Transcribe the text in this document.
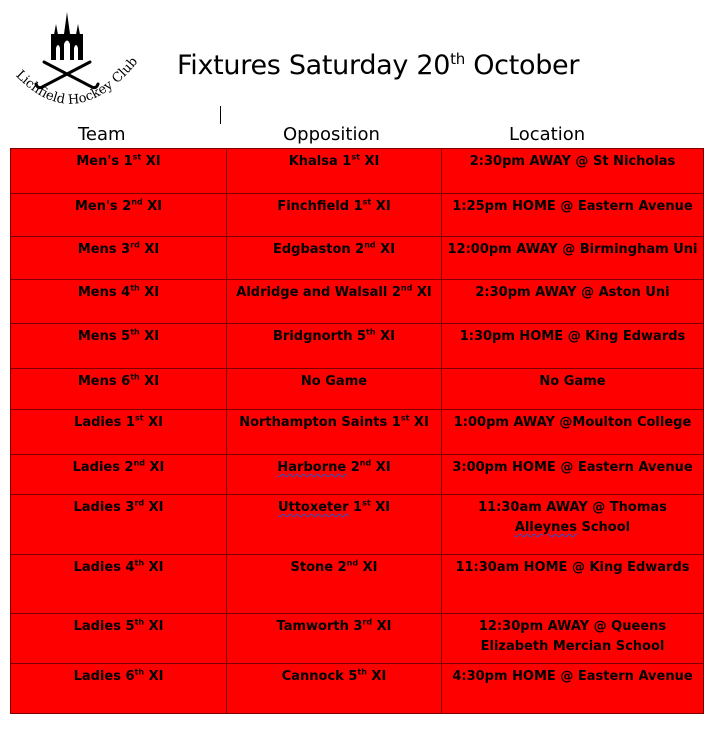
Lichfield Hockey Club Fixtures Saturday 20th October
Team	Opposition	Location
Men's 1st XI	Khalsa 1st XI	2:30pm AWAY @ St Nicholas
Men's 2nd XI	Finchfield 1st XI	1:25pm HOME @ Eastern Avenue
Mens 3rd XI	Edgbaston 2nd XI	12:00pm AWAY @ Birmingham Uni
Mens 4th XI	Aldridge and Walsall 2nd XI	2:30pm AWAY @ Aston Uni
Mens 5th XI	Bridgnorth 5th XI	1:30pm HOME @ King Edwards
Mens 6th XI	No Game	No Game
Ladies 1st XI	Northampton Saints 1st XI	1:00pm AWAY @Moulton College
Ladies 2nd XI	Harborne 2nd XI	3:00pm HOME @ Eastern Avenue
Ladies 3rd XI	Uttoxeter 1st XI	11:30am AWAY @ Thomas Alleynes School
Ladies 4th XI	Stone 2nd XI	11:30am HOME @ King Edwards
Ladies 5th XI	Tamworth 3rd XI	12:30pm AWAY @ Queens Elizabeth Mercian School
Ladies 6th XI	Cannock 5th XI	4:30pm HOME @ Eastern Avenue
